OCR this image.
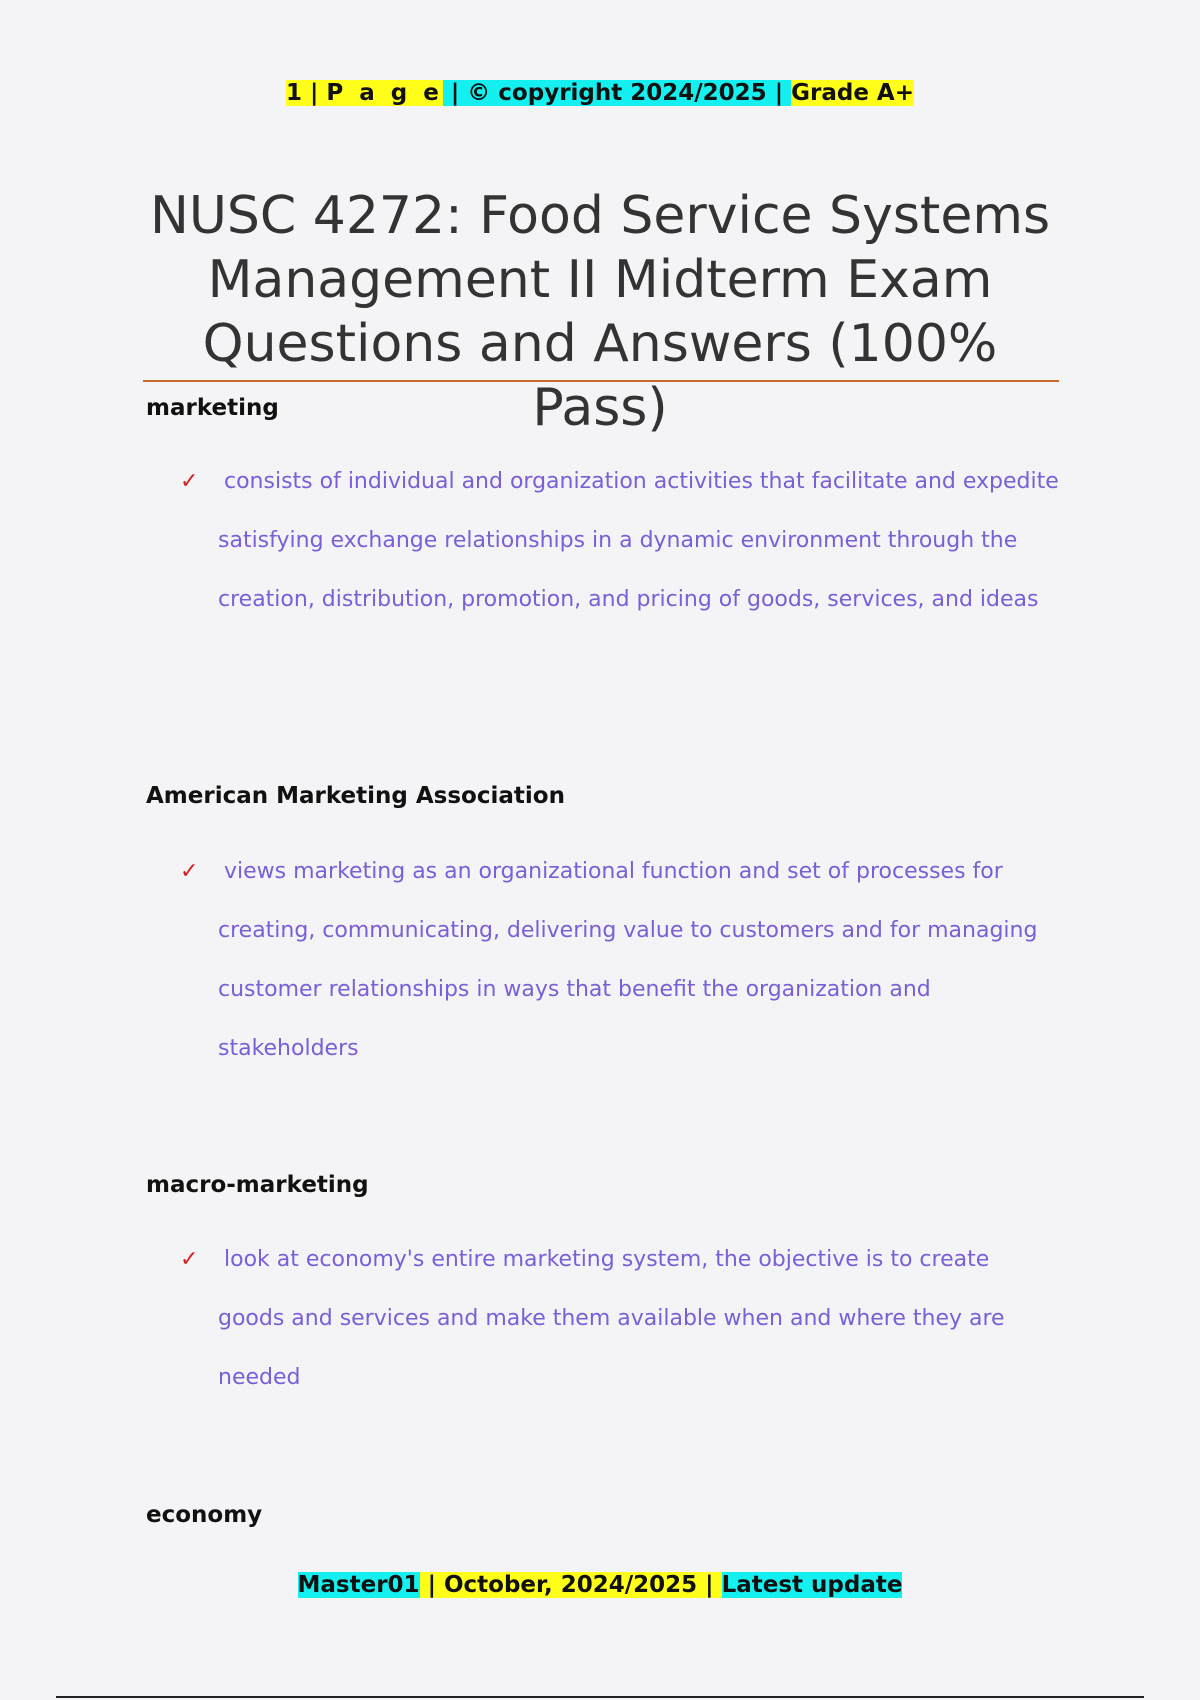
1 | P a g e | © copyright 2024/2025 | Grade A+
NUSC 4272: Food Service Systems Management II Midterm Exam Questions and Answers (100% Pass)
marketing
✓	consists of individual and organization activities that facilitate and expedite satisfying exchange relationships in a dynamic environment through the creation, distribution, promotion, and pricing of goods, services, and ideas

American Marketing Association
✓	views marketing as an organizational function and set of processes for creating, communicating, delivering value to customers and for managing customer relationships in ways that benefit the organization and stakeholders

macro-marketing
✓	look at economy's entire marketing system, the objective is to create goods and services and make them available when and where they are needed

economy
Master01 | October, 2024/2025 | Latest update
